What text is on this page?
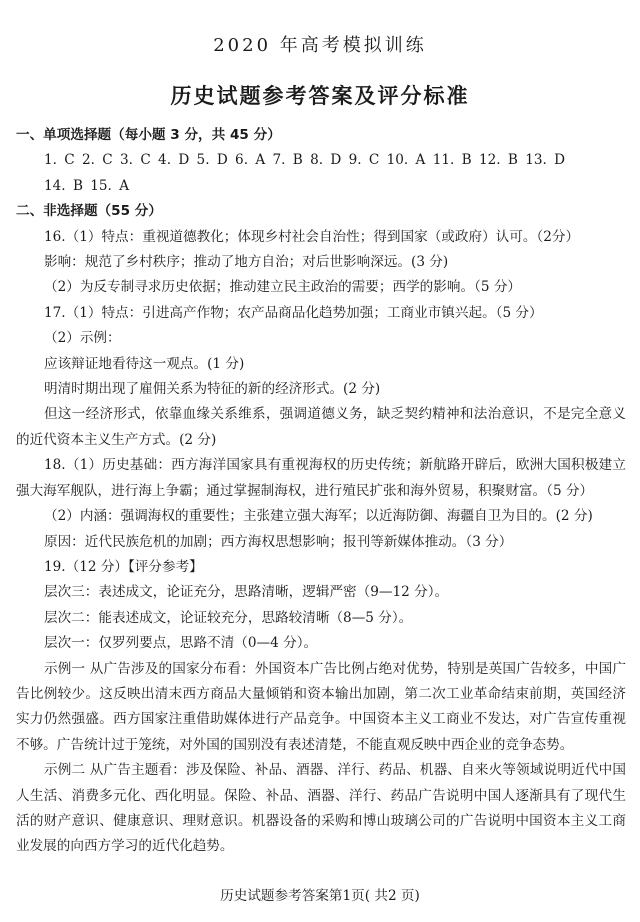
2020 年高考模拟训练
历史试题参考答案及评分标准

一、单项选择题（每小题 3 分，共 45 分）

1. C 2. C 3. C 4. D 5. D 6. A 7. B 8. D 9. C 10. A 11. B 12. B 13. D

14. B 15. A

二、非选择题（55 分）

16.（1）特点：重视道德教化；体现乡村社会自治性；得到国家（或政府）认可。（2分）

影响：规范了乡村秩序；推动了地方自治；对后世影响深远。(3 分)

（2）为反专制寻求历史依据；推动建立民主政治的需要；西学的影响。（5 分）

17.（1）特点：引进高产作物；农产品商品化趋势加强；工商业市镇兴起。（5 分）

（2）示例：

应该辩证地看待这一观点。(1 分)

明清时期出现了雇佣关系为特征的新的经济形式。(2 分)

但这一经济形式，依靠血缘关系维系，强调道德义务，缺乏契约精神和法治意识，不是完全意义的近代资本主义生产方式。(2 分)

18.（1）历史基础：西方海洋国家具有重视海权的历史传统；新航路开辟后，欧洲大国积极建立强大海军舰队，进行海上争霸；通过掌握制海权，进行殖民扩张和海外贸易，积聚财富。（5 分）

（2）内涵：强调海权的重要性；主张建立强大海军；以近海防御、海疆自卫为目的。(2 分)

原因：近代民族危机的加剧；西方海权思想影响；报刊等新媒体推动。（3 分）

19.（12 分）【评分参考】

层次三：表述成文，论证充分，思路清晰，逻辑严密（9—12 分）。

层次二：能表述成文，论证较充分，思路较清晰（8—5 分）。

层次一：仅罗列要点，思路不清（0—4 分）。

示例一 从广告涉及的国家分布看：外国资本广告比例占绝对优势，特别是英国广告较多，中国广告比例较少。这反映出清末西方商品大量倾销和资本输出加剧，第二次工业革命结束前期，英国经济实力仍然强盛。西方国家注重借助媒体进行产品竞争。中国资本主义工商业不发达，对广告宣传重视不够。广告统计过于笼统，对外国的国别没有表述清楚，不能直观反映中西企业的竞争态势。

示例二 从广告主题看：涉及保险、补品、酒器、洋行、药品、机器、自来火等领域说明近代中国人生活、消费多元化、西化明显。保险、补品、酒器、洋行、药品广告说明中国人逐渐具有了现代生活的财产意识、健康意识、理财意识。机器设备的采购和博山玻璃公司的广告说明中国资本主义工商业发展的向西方学习的近代化趋势。

历史试题参考答案第1页( 共2 页)
